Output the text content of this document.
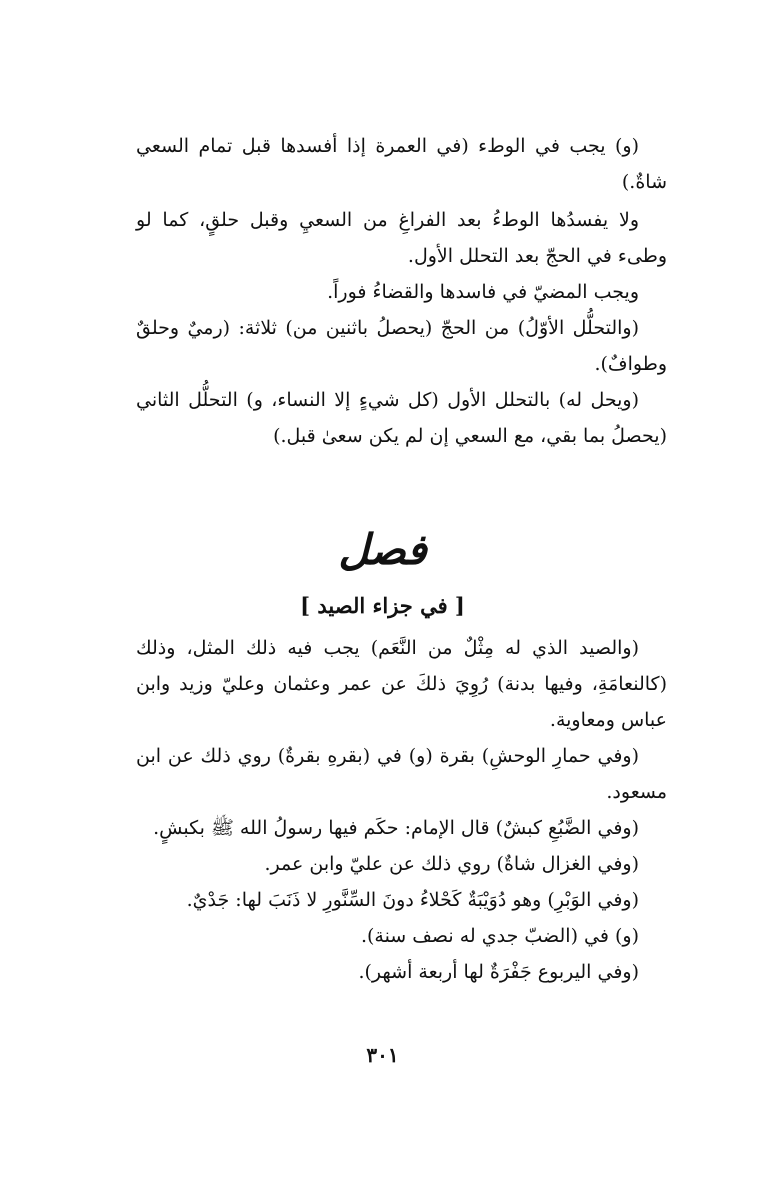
(و) يجب في الوطء (في العمرة إذا أفسدها قبل تمام السعي شاةٌ.)

ولا يفسدُها الوطءُ بعد الفراغِ من السعيِ وقبل حلقٍ، كما لو وطىء في الحجّ بعد التحلل الأول.

ويجب المضيّ في فاسدها والقضاءُ فوراً.

(والتحلُّل الأوّلُ) من الحجّ (يحصلُ باثنين من) ثلاثة: (رميٌ وحلقٌ وطوافٌ).

(ويحل له) بالتحلل الأول (كل شيءٍ إلا النساء، و) التحلُّل الثاني (يحصلُ بما بقي، مع السعي إن لم يكن سعىٰ قبل.)

فصل
[ في جزاء الصيد ]

(والصيد الذي له مِثْلٌ من النَّعَم) يجب فيه ذلك المثل، وذلك (كالنعامَةِ، وفيها بدنة) رُوِيَ ذلكَ عن عمر وعثمان وعليّ وزيد وابن عباس ومعاوية.

(وفي حمارِ الوحشِ) بقرة (و) في (بقرهِ بقرةٌ) روي ذلك عن ابن مسعود.

(وفي الضَّبُعِ كبشٌ) قال الإمام: حكَم فيها رسولُ الله ﷺ بكبشٍ.

(وفي الغزال شاةٌ) روي ذلك عن عليّ وابن عمر.

(وفي الوَبْرِ) وهو دُوَيْبَةٌ كَحْلاءُ دونَ السِّنَّورِ لا ذَنَبَ لها: جَدْيٌ.

(و) في (الضبّ جدي له نصف سنة).

(وفي اليربوع جَفْرَةٌ لها أربعة أشهر).

٣٠١
